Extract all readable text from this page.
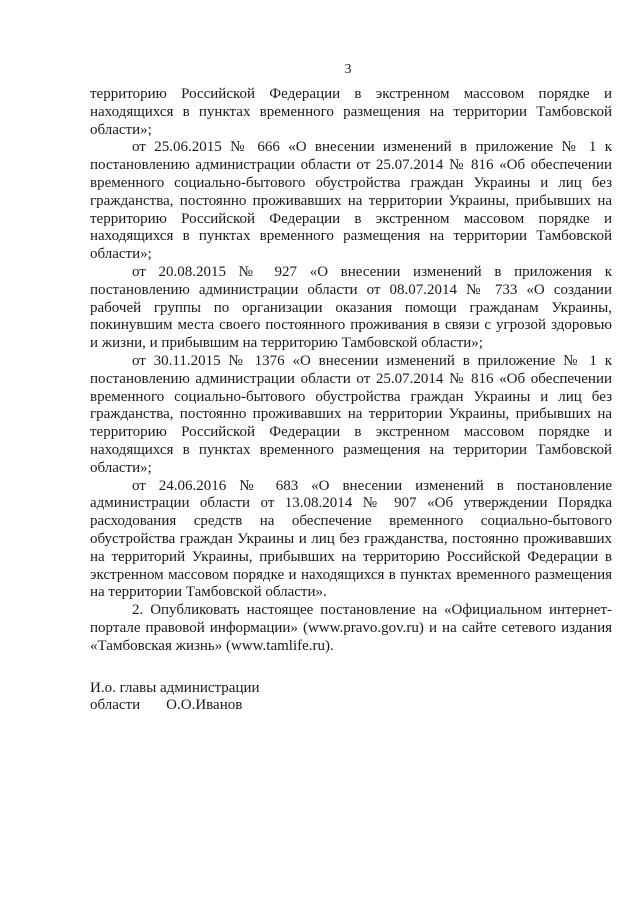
3

территорию Российской Федерации в экстренном массовом порядке и находящихся в пунктах временного размещения на территории Тамбовской области»;

от 25.06.2015 № 666 «О внесении изменений в приложение № 1 к постановлению администрации области от 25.07.2014 № 816 «Об обеспечении временного социально-бытового обустройства граждан Украины и лиц без гражданства, постоянно проживавших на территории Украины, прибывших на территорию Российской Федерации в экстренном массовом порядке и находящихся в пунктах временного размещения на территории Тамбовской области»;

от 20.08.2015 № 927 «О внесении изменений в приложения к постановлению администрации области от 08.07.2014 № 733 «О создании рабочей группы по организации оказания помощи гражданам Украины, покинувшим места своего постоянного проживания в связи с угрозой здоровью и жизни, и прибывшим на территорию Тамбовской области»;

от 30.11.2015 № 1376 «О внесении изменений в приложение № 1 к постановлению администрации области от 25.07.2014 № 816 «Об обеспечении временного социально-бытового обустройства граждан Украины и лиц без гражданства, постоянно проживавших на территории Украины, прибывших на территорию Российской Федерации в экстренном массовом порядке и находящихся в пунктах временного размещения на территории Тамбовской области»;

от 24.06.2016 № 683 «О внесении изменений в постановление администрации области от 13.08.2014 № 907 «Об утверждении Порядка расходования средств на обеспечение временного социально-бытового обустройства граждан Украины и лиц без гражданства, постоянно проживавших на территорий Украины, прибывших на территорию Российской Федерации в экстренном массовом порядке и находящихся в пунктах временного размещения на территории Тамбовской области».

2. Опубликовать настоящее постановление на «Официальном интернет-портале правовой информации» (www.pravo.gov.ru) и на сайте сетевого издания «Тамбовская жизнь» (www.tamlife.ru).

И.о. главы администрации
области О.О.Иванов
